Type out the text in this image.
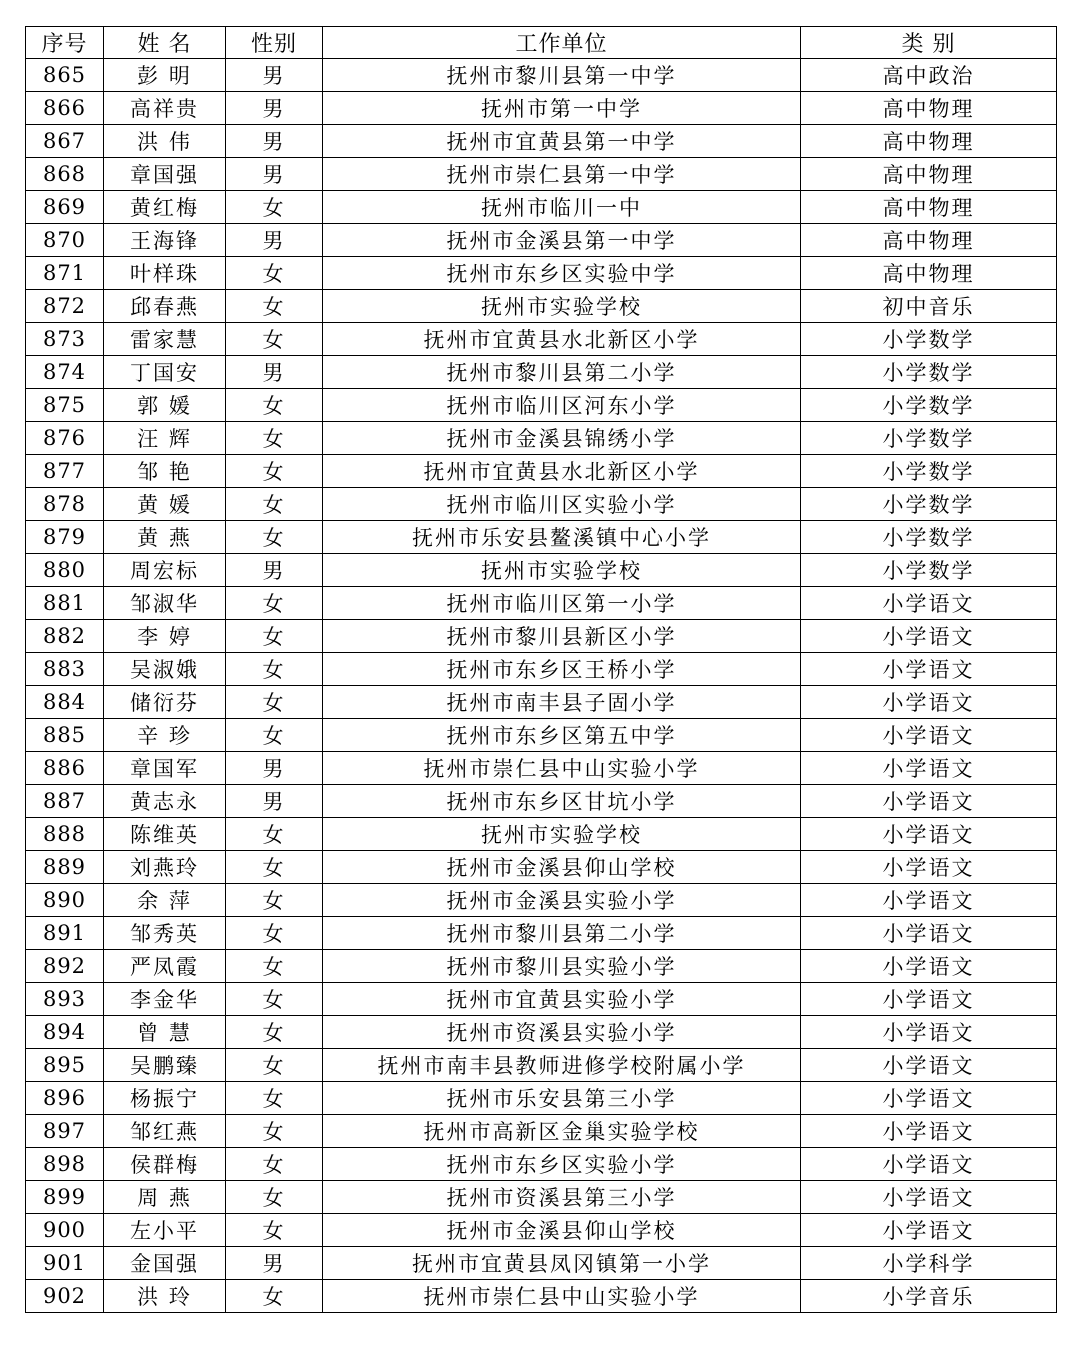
序号	姓 名	性别	工作单位	类 别
865	彭 明	男	抚州市黎川县第一中学	高中政治
866	高祥贵	男	抚州市第一中学	高中物理
867	洪 伟	男	抚州市宜黄县第一中学	高中物理
868	章国强	男	抚州市崇仁县第一中学	高中物理
869	黄红梅	女	抚州市临川一中	高中物理
870	王海锋	男	抚州市金溪县第一中学	高中物理
871	叶样珠	女	抚州市东乡区实验中学	高中物理
872	邱春燕	女	抚州市实验学校	初中音乐
873	雷家慧	女	抚州市宜黄县水北新区小学	小学数学
874	丁国安	男	抚州市黎川县第二小学	小学数学
875	郭 媛	女	抚州市临川区河东小学	小学数学
876	汪 辉	女	抚州市金溪县锦绣小学	小学数学
877	邹 艳	女	抚州市宜黄县水北新区小学	小学数学
878	黄 媛	女	抚州市临川区实验小学	小学数学
879	黄 燕	女	抚州市乐安县鳌溪镇中心小学	小学数学
880	周宏标	男	抚州市实验学校	小学数学
881	邹淑华	女	抚州市临川区第一小学	小学语文
882	李 婷	女	抚州市黎川县新区小学	小学语文
883	吴淑娥	女	抚州市东乡区王桥小学	小学语文
884	储衍芬	女	抚州市南丰县子固小学	小学语文
885	辛 珍	女	抚州市东乡区第五中学	小学语文
886	章国军	男	抚州市崇仁县中山实验小学	小学语文
887	黄志永	男	抚州市东乡区甘坑小学	小学语文
888	陈维英	女	抚州市实验学校	小学语文
889	刘燕玲	女	抚州市金溪县仰山学校	小学语文
890	余 萍	女	抚州市金溪县实验小学	小学语文
891	邹秀英	女	抚州市黎川县第二小学	小学语文
892	严凤霞	女	抚州市黎川县实验小学	小学语文
893	李金华	女	抚州市宜黄县实验小学	小学语文
894	曾 慧	女	抚州市资溪县实验小学	小学语文
895	吴鹏臻	女	抚州市南丰县教师进修学校附属小学	小学语文
896	杨振宁	女	抚州市乐安县第三小学	小学语文
897	邹红燕	女	抚州市高新区金巢实验学校	小学语文
898	侯群梅	女	抚州市东乡区实验小学	小学语文
899	周 燕	女	抚州市资溪县第三小学	小学语文
900	左小平	女	抚州市金溪县仰山学校	小学语文
901	金国强	男	抚州市宜黄县凤冈镇第一小学	小学科学
902	洪 玲	女	抚州市崇仁县中山实验小学	小学音乐
